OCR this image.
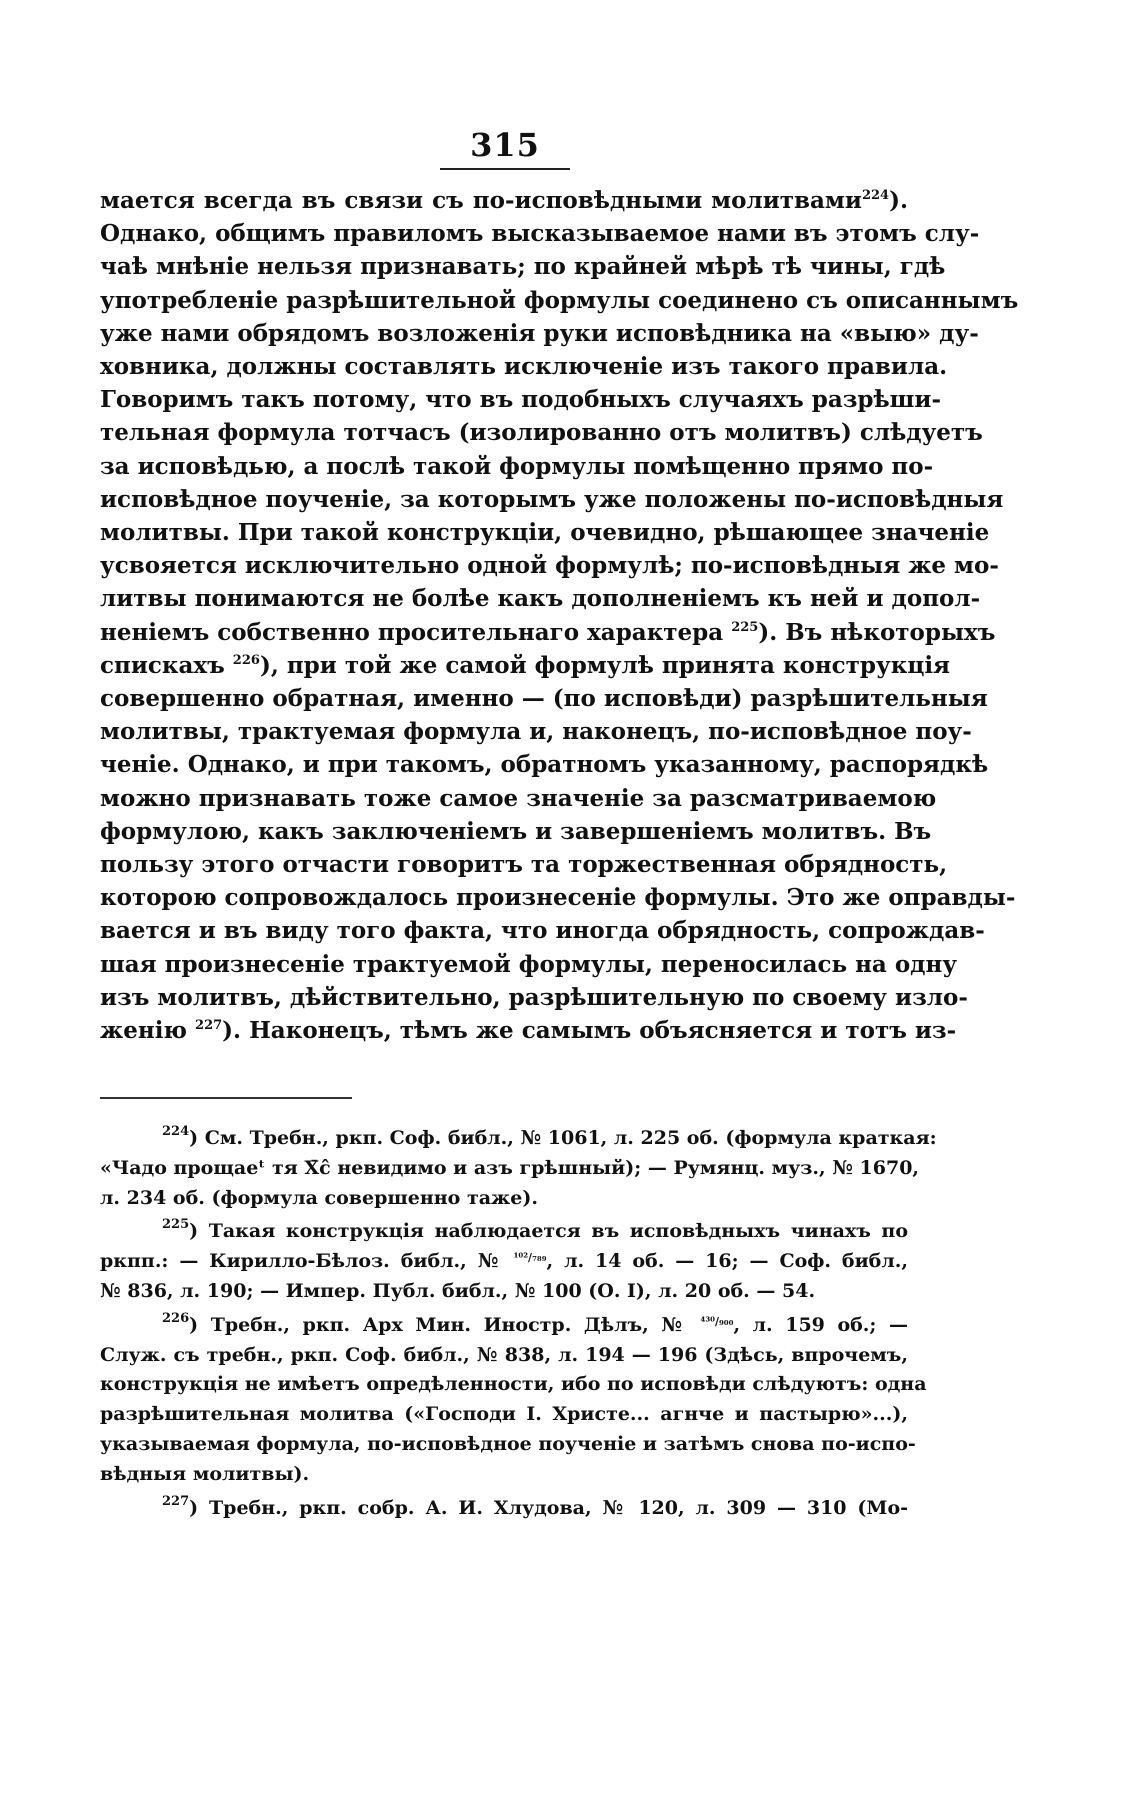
315
мается всегда въ связи съ по-исповѣдными молитвами$^{224}$).
Однако, общимъ правиломъ высказываемое нами въ этомъ слу-
чаѣ мнѣніе нельзя признавать; по крайней мѣрѣ тѣ чины, гдѣ
употребленіе разрѣшительной формулы соединено съ описаннымъ
уже нами обрядомъ возложенія руки исповѣдника на «выю» ду-
ховника, должны составлять исключеніе изъ такого правила.
Говоримъ такъ потому, что въ подобныхъ случаяхъ разрѣши-
тельная формула тотчасъ (изолированно отъ молитвъ) слѣдуетъ
за исповѣдью, а послѣ такой формулы помѣщенно прямо по-
исповѣдное поученіе, за которымъ уже положены по-исповѣдныя
молитвы. При такой конструкціи, очевидно, рѣшающее значеніе
усвояется исключительно одной формулѣ; по-исповѣдныя же мо-
литвы понимаются не болѣе какъ дополненіемъ къ ней и допол-
неніемъ собственно просительнаго характера $^{225}$). Въ нѣкоторыхъ
спискахъ $^{226}$), при той же самой формулѣ принята конструкція
совершенно обратная, именно — (по исповѣди) разрѣшительныя
молитвы, трактуемая формула и, наконецъ, по-исповѣдное поу-
ченіе. Однако, и при такомъ, обратномъ указанному, распорядкѣ
можно признавать тоже самое значеніе за разсматриваемою
формулою, какъ заключеніемъ и завершеніемъ молитвъ. Въ
пользу этого отчасти говоритъ та торжественная обрядность,
которою сопровождалось произнесеніе формулы. Это же оправды-
вается и въ виду того факта, что иногда обрядность, сопрождав-
шая произнесеніе трактуемой формулы, переносилась на одну
изъ молитвъ, дѣйствительно, разрѣшительную по своему изло-
женію $^{227}$). Наконецъ, тѣмъ же самымъ объясняется и тотъ из-
$^{224}$) См. Требн., ркп. Соф. библ., № 1061, л. 225 об. (формула краткая:
«Чадо прощаеᵗ тя Χ̄ĉ невидимо и азъ грѣшный); — Румянц. муз., № 1670,
л. 234 об. (формула совершенно таже).
$^{225}$) Такая конструкція наблюдается въ исповѣдныхъ чинахъ по
ркпп.: — Кирилло-Бѣлоз. библ., № $^{^{102}/_{789}}$, л. 14 об. — 16; — Соф. библ.,
№ 836, л. 190; — Импер. Публ. библ., № 100 (О. I), л. 20 об. — 54.
$^{226}$) Требн., ркп. Арх Мин. Иностр. Дѣлъ, № $^{^{430}/_{900}}$, л. 159 об.; —
Служ. съ требн., ркп. Соф. библ., № 838, л. 194 — 196 (Здѣсь, впрочемъ,
конструкція не имѣетъ опредѣленности, ибо по исповѣди слѣдуютъ: одна
разрѣшительная молитва («Господи I. Христе... агнче и пастырю»...),
указываемая формула, по-исповѣдное поученіе и затѣмъ снова по-испо-
вѣдныя молитвы).
$^{227}$) Требн., ркп. собр. А. И. Хлудова, № 120, л. 309 — 310 (Мо-
